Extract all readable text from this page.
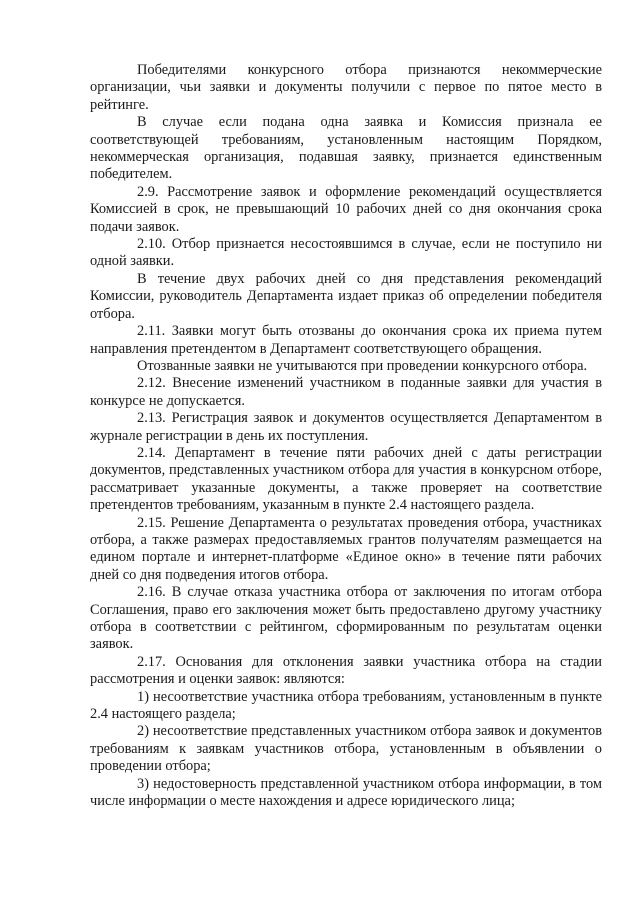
Победителями конкурсного отбора признаются некоммерческие организации, чьи заявки и документы получили с первое по пятое место в рейтинге.

В случае если подана одна заявка и Комиссия признала ее соответствующей требованиям, установленным настоящим Порядком, некоммерческая организация, подавшая заявку, признается единственным победителем.

2.9. Рассмотрение заявок и оформление рекомендаций осуществляется Комиссией в срок, не превышающий 10 рабочих дней со дня окончания срока подачи заявок.

2.10. Отбор признается несостоявшимся в случае, если не поступило ни одной заявки.

В течение двух рабочих дней со дня представления рекомендаций Комиссии, руководитель Департамента издает приказ об определении победителя отбора.

2.11. Заявки могут быть отозваны до окончания срока их приема путем направления претендентом в Департамент соответствующего обращения.

Отозванные заявки не учитываются при проведении конкурсного отбора.

2.12. Внесение изменений участником в поданные заявки для участия в конкурсе не допускается.

2.13. Регистрация заявок и документов осуществляется Департаментом в журнале регистрации в день их поступления.

2.14. Департамент в течение пяти рабочих дней с даты регистрации документов, представленных участником отбора для участия в конкурсном отборе, рассматривает указанные документы, а также проверяет на соответствие претендентов требованиям, указанным в пункте 2.4 настоящего раздела.

2.15. Решение Департамента о результатах проведения отбора, участниках отбора, а также размерах предоставляемых грантов получателям размещается на едином портале и интернет-платформе «Единое окно» в течение пяти рабочих дней со дня подведения итогов отбора.

2.16. В случае отказа участника отбора от заключения по итогам отбора Соглашения, право его заключения может быть предоставлено другому участнику отбора в соответствии с рейтингом, сформированным по результатам оценки заявок.

2.17. Основания для отклонения заявки участника отбора на стадии рассмотрения и оценки заявок: являются:

1) несоответствие участника отбора требованиям, установленным в пункте 2.4 настоящего раздела;

2) несоответствие представленных участником отбора заявок и документов требованиям к заявкам участников отбора, установленным в объявлении о проведении отбора;

3) недостоверность представленной участником отбора информации, в том числе информации о месте нахождения и адресе юридического лица;
